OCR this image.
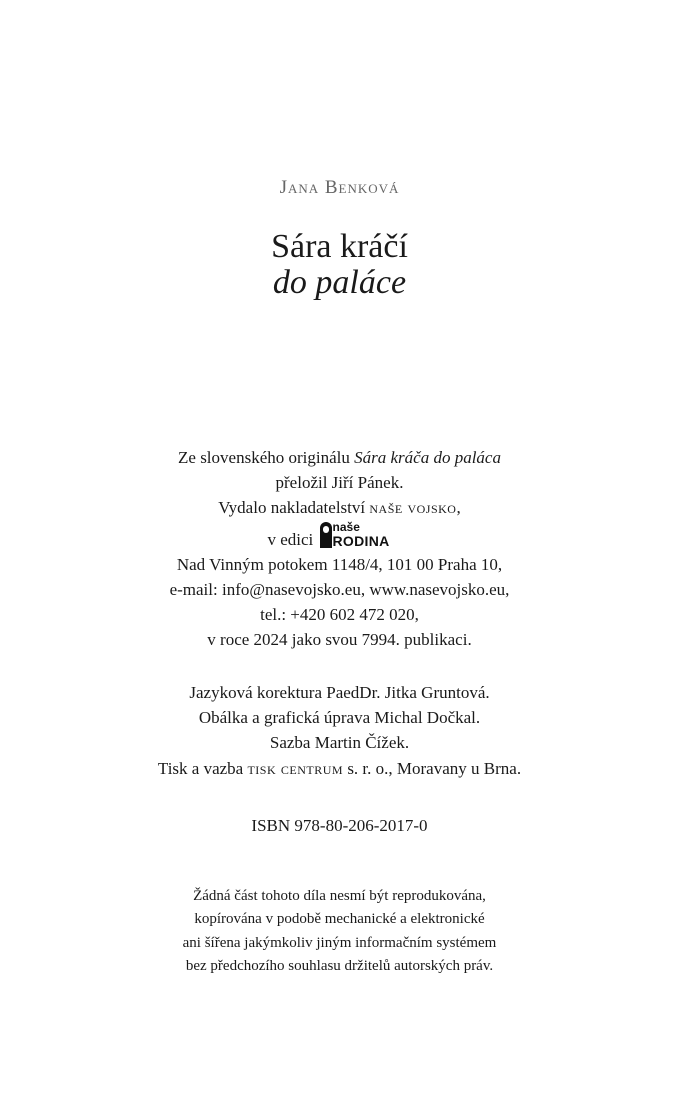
Jana Benková
Sára kráčí
do paláce
Ze slovenského originálu Sára kráča do paláca
přeložil Jiří Pánek.
Vydalo nakladatelství naše vojsko,
v edici
naše
RODINA
Nad Vinným potokem 1148/4, 101 00 Praha 10,
e-mail: info@nasevojsko.eu, www.nasevojsko.eu,
tel.: +420 602 472 020,
v roce 2024 jako svou 7994. publikaci.
Jazyková korektura PaedDr. Jitka Gruntová.
Obálka a grafická úprava Michal Dočkal.
Sazba Martin Čížek.
Tisk a vazba tisk centrum s. r. o., Moravany u Brna.
ISBN 978-80-206-2017-0
Žádná část tohoto díla nesmí být reprodukována,
kopírována v podobě mechanické a elektronické
ani šířena jakýmkoliv jiným informačním systémem
bez předchozího souhlasu držitelů autorských práv.
